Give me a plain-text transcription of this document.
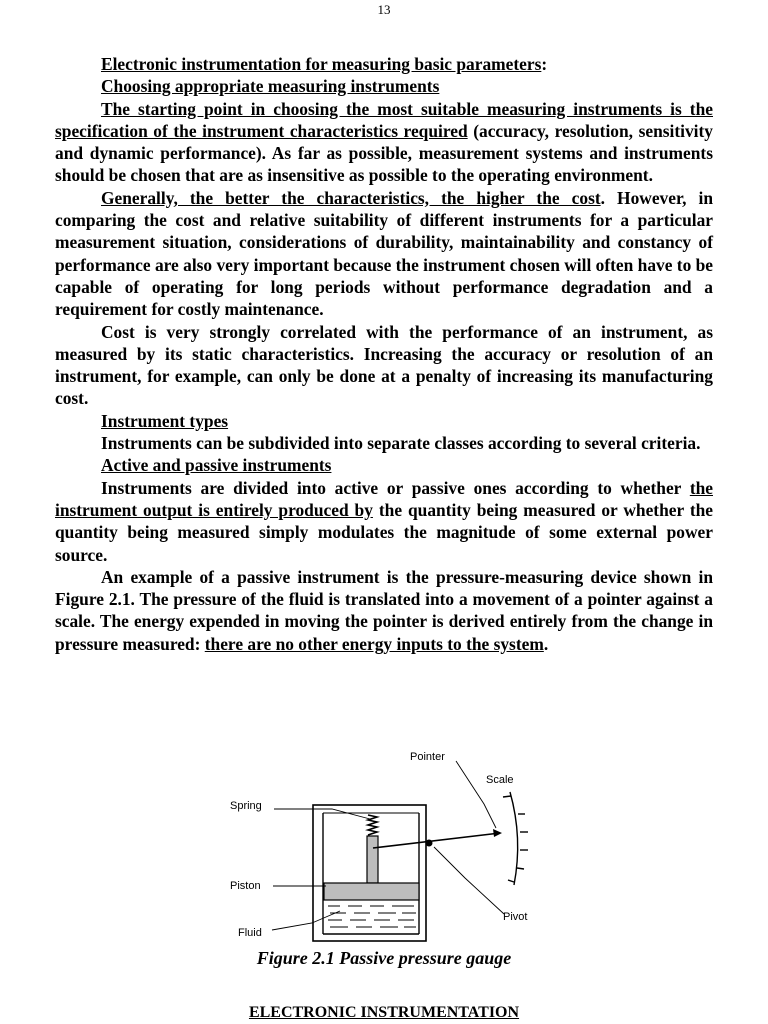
13

Electronic instrumentation for measuring basic parameters:

Choosing appropriate measuring instruments

The starting point in choosing the most suitable measuring instruments is the specification of the instrument characteristics required (accuracy, resolution, sensitivity and dynamic performance). As far as possible, measurement systems and instruments should be chosen that are as insensitive as possible to the operating environment.

Generally, the better the characteristics, the higher the cost. However, in comparing the cost and relative suitability of different instruments for a particular measurement situation, considerations of durability, maintainability and constancy of performance are also very important because the instrument chosen will often have to be capable of operating for long periods without performance degradation and a requirement for costly maintenance.

Cost is very strongly correlated with the performance of an instrument, as measured by its static characteristics. Increasing the accuracy or resolution of an instrument, for example, can only be done at a penalty of increasing its manufacturing cost.

Instrument types

Instruments can be subdivided into separate classes according to several criteria.

Active and passive instruments

Instruments are divided into active or passive ones according to whether the instrument output is entirely produced by the quantity being measured or whether the quantity being measured simply modulates the magnitude of some external power source.

An example of a passive instrument is the pressure-measuring device shown in Figure 2.1. The pressure of the fluid is translated into a movement of a pointer against a scale. The energy expended in moving the pointer is derived entirely from the change in pressure measured: there are no other energy inputs to the system.

Pointer
Scale
Spring
Piston
Fluid
Pivot
Figure 2.1 Passive pressure gauge
ELECTRONIC INSTRUMENTATION
